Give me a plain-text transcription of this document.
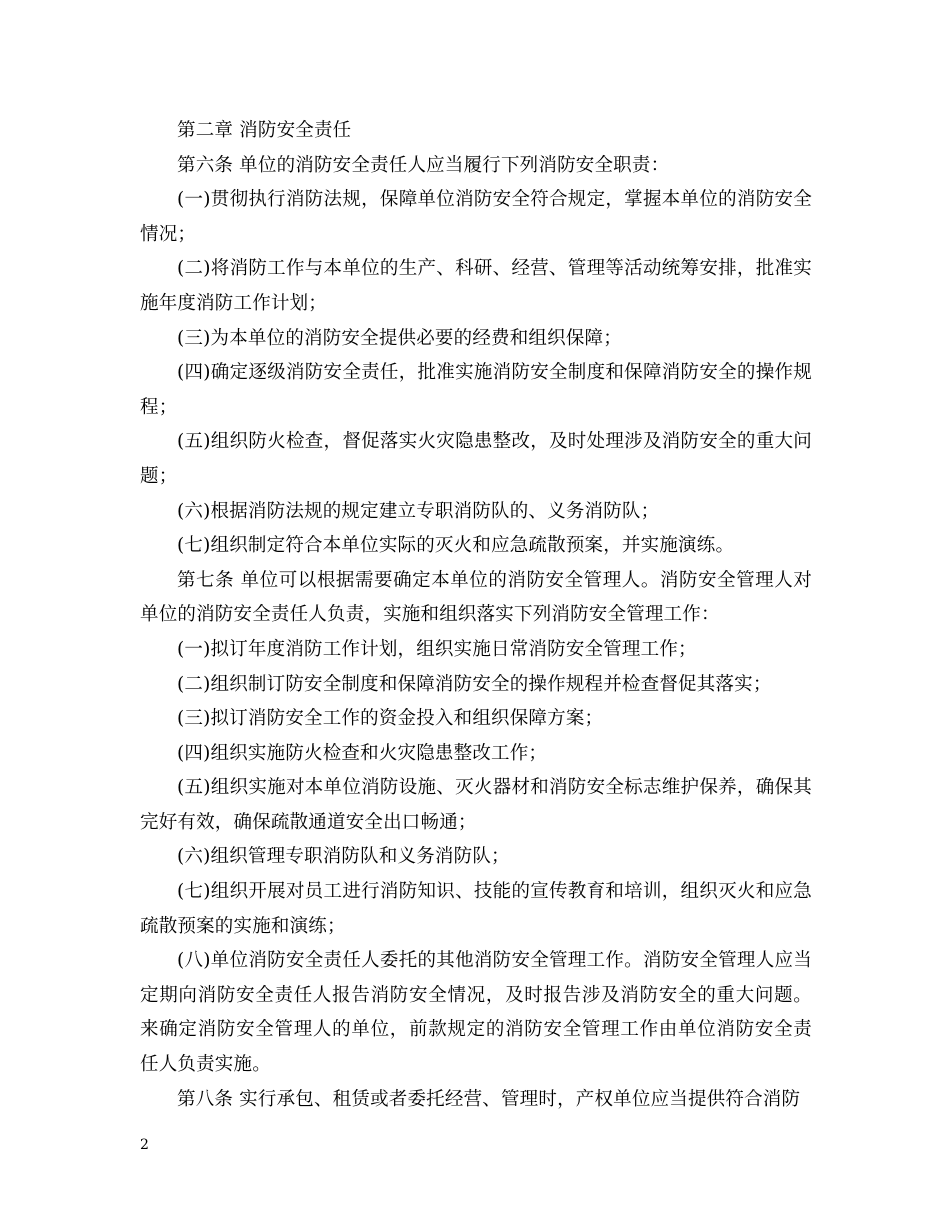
第二章 消防安全责任

第六条 单位的消防安全责任人应当履行下列消防安全职责：

(一)贯彻执行消防法规，保障单位消防安全符合规定，掌握本单位的消防安全情况；

(二)将消防工作与本单位的生产、科研、经营、管理等活动统筹安排，批准实施年度消防工作计划；

(三)为本单位的消防安全提供必要的经费和组织保障；

(四)确定逐级消防安全责任，批准实施消防安全制度和保障消防安全的操作规程；

(五)组织防火检查，督促落实火灾隐患整改，及时处理涉及消防安全的重大问题；

(六)根据消防法规的规定建立专职消防队的、义务消防队；

(七)组织制定符合本单位实际的灭火和应急疏散预案，并实施演练。

第七条 单位可以根据需要确定本单位的消防安全管理人。消防安全管理人对单位的消防安全责任人负责，实施和组织落实下列消防安全管理工作：

(一)拟订年度消防工作计划，组织实施日常消防安全管理工作；

(二)组织制订防安全制度和保障消防安全的操作规程并检查督促其落实；

(三)拟订消防安全工作的资金投入和组织保障方案；

(四)组织实施防火检查和火灾隐患整改工作；

(五)组织实施对本单位消防设施、灭火器材和消防安全标志维护保养，确保其完好有效，确保疏散通道安全出口畅通；

(六)组织管理专职消防队和义务消防队；

(七)组织开展对员工进行消防知识、技能的宣传教育和培训，组织灭火和应急疏散预案的实施和演练；

(八)单位消防安全责任人委托的其他消防安全管理工作。消防安全管理人应当定期向消防安全责任人报告消防安全情况，及时报告涉及消防安全的重大问题。来确定消防安全管理人的单位，前款规定的消防安全管理工作由单位消防安全责任人负责实施。

第八条 实行承包、租赁或者委托经营、管理时，产权单位应当提供符合消防

2
